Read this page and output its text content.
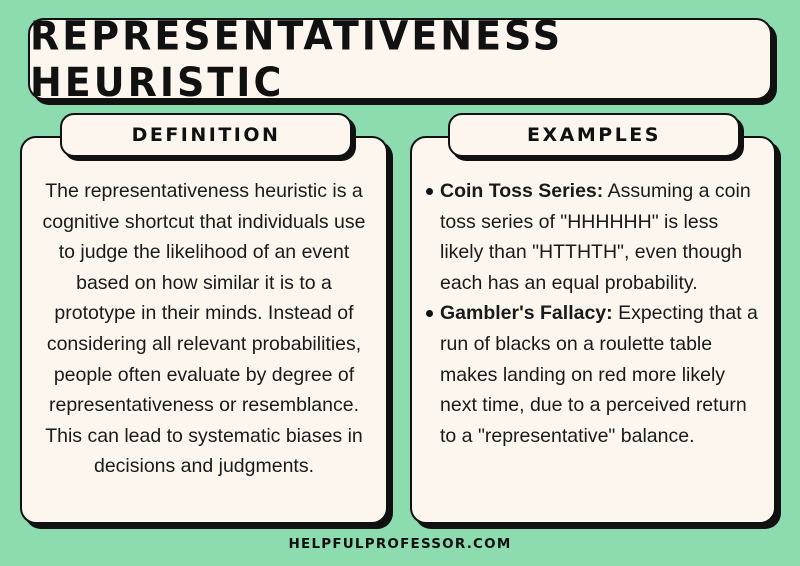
REPRESENTATIVENESS HEURISTIC
The representativeness heuristic is a cognitive shortcut that individuals use to judge the likelihood of an event based on how similar it is to a prototype in their minds. Instead of considering all relevant probabilities, people often evaluate by degree of representativeness or resemblance. This can lead to systematic biases in decisions and judgments.
DEFINITION
Coin Toss Series: Assuming a coin toss series of "HHHHHH" is less likely than "HTTHTH", even though each has an equal probability.
Gambler's Fallacy: Expecting that a run of blacks on a roulette table makes landing on red more likely next time, due to a perceived return to a "representative" balance.
EXAMPLES
HELPFULPROFESSOR.COM
